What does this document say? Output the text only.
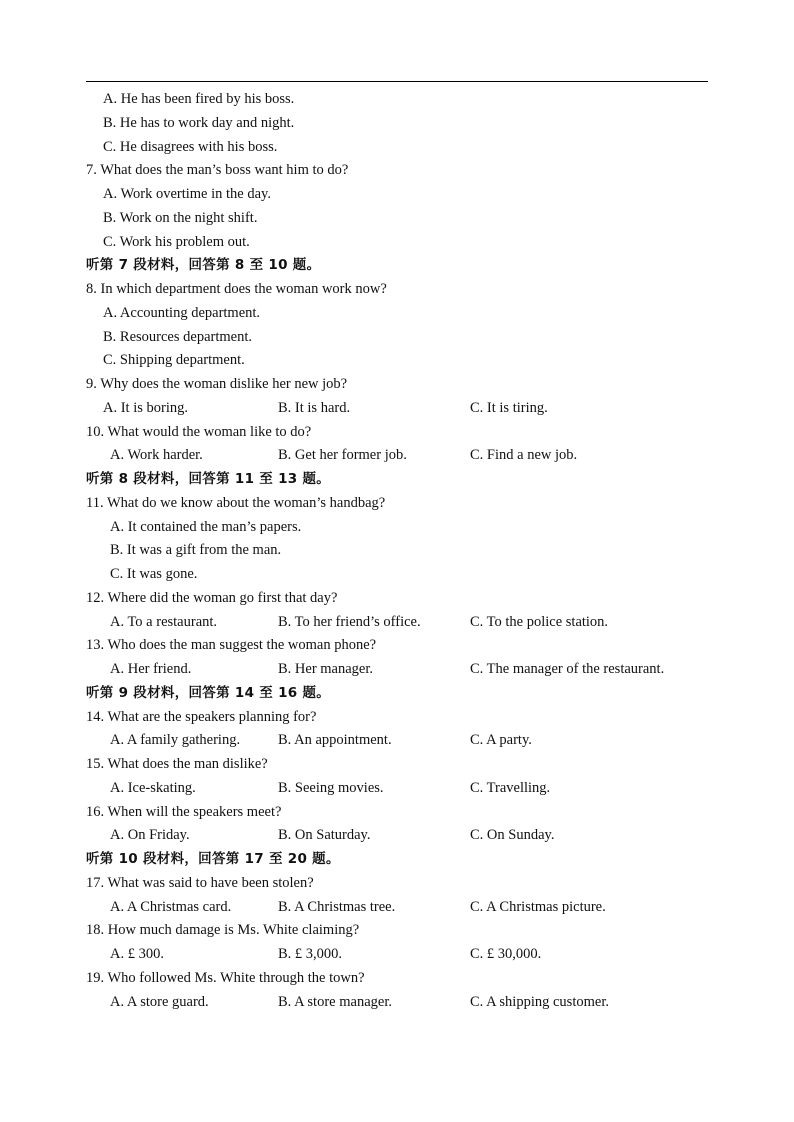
A. He has been fired by his boss.
B. He has to work day and night.
C. He disagrees with his boss.
7. What does the man’s boss want him to do?
A. Work overtime in the day.
B. Work on the night shift.
C. Work his problem out.
听第 7 段材料，回答第 8 至 10 题。
8. In which department does the woman work now?
A. Accounting department.
B. Resources department.
C. Shipping department.
9. Why does the woman dislike her new job?
A. It is boring.	B. It is hard.	C. It is tiring.
10. What would the woman like to do?
A. Work harder.	B. Get her former job.	C. Find a new job.
听第 8 段材料，回答第 11 至 13 题。
11. What do we know about the woman’s handbag?
A. It contained the man’s papers.
B. It was a gift from the man.
C. It was gone.
12. Where did the woman go first that day?
A. To a restaurant.	B. To her friend’s office.	C. To the police station.
13. Who does the man suggest the woman phone?
A. Her friend.	B. Her manager.	C. The manager of the restaurant.
听第 9 段材料，回答第 14 至 16 题。
14. What are the speakers planning for?
A. A family gathering.	B. An appointment.	C. A party.
15. What does the man dislike?
A. Ice-skating.	B. Seeing movies.	C. Travelling.
16. When will the speakers meet?
A. On Friday.	B. On Saturday.	C. On Sunday.
听第 10 段材料，回答第 17 至 20 题。
17. What was said to have been stolen?
A. A Christmas card.	B. A Christmas tree.	C. A Christmas picture.
18. How much damage is Ms. White claiming?
A. £ 300.	B. £ 3,000.	C. £ 30,000.
19. Who followed Ms. White through the town?
A. A store guard.	B. A store manager.	C. A shipping customer.
